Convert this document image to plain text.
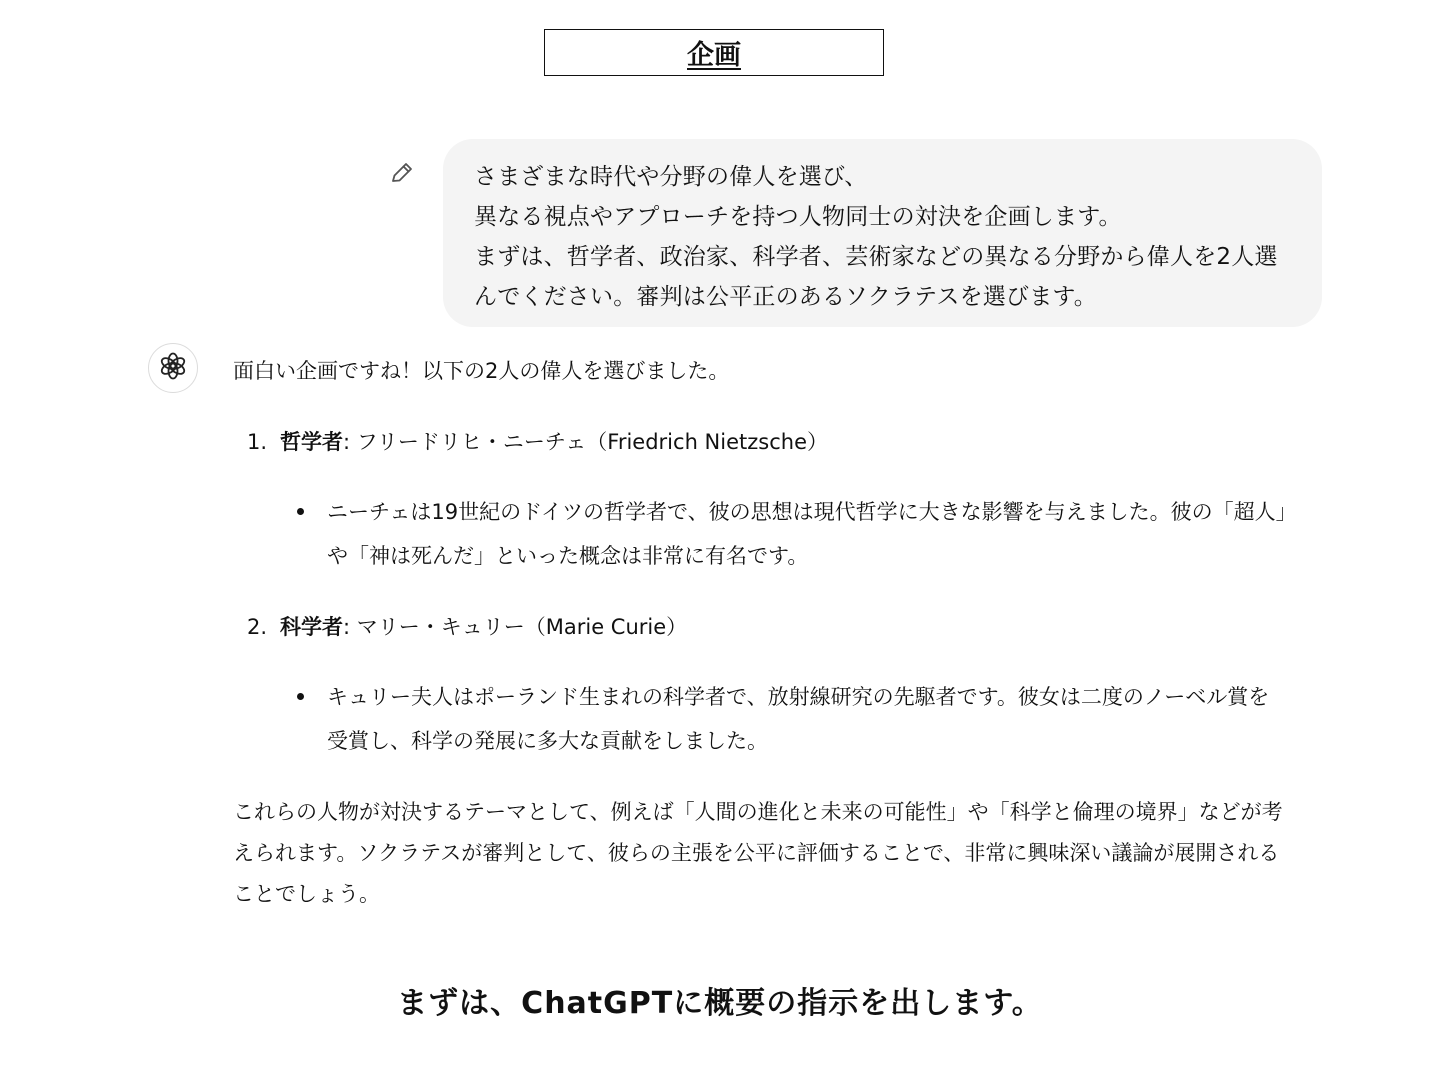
企画
さまざまな時代や分野の偉人を選び、
異なる視点やアプローチを持つ人物同士の対決を企画します。
まずは、哲学者、政治家、科学者、芸術家などの異なる分野から偉人を2人選
んでください。審判は公平正のあるソクラテスを選びます。
面白い企画ですね！以下の2人の偉人を選びました。
1. 哲学者: フリードリヒ・ニーチェ（Friedrich Nietzsche）
ニーチェは19世紀のドイツの哲学者で、彼の思想は現代哲学に大きな影響を与えました。彼の「超人」や「神は死んだ」といった概念は非常に有名です。
2. 科学者: マリー・キュリー（Marie Curie）
キュリー夫人はポーランド生まれの科学者で、放射線研究の先駆者です。彼女は二度のノーベル賞を受賞し、科学の発展に多大な貢献をしました。
これらの人物が対決するテーマとして、例えば「人間の進化と未来の可能性」や「科学と倫理の境界」などが考えられます。ソクラテスが審判として、彼らの主張を公平に評価することで、非常に興味深い議論が展開されることでしょう。
まずは、ChatGPTに概要の指示を出します。
